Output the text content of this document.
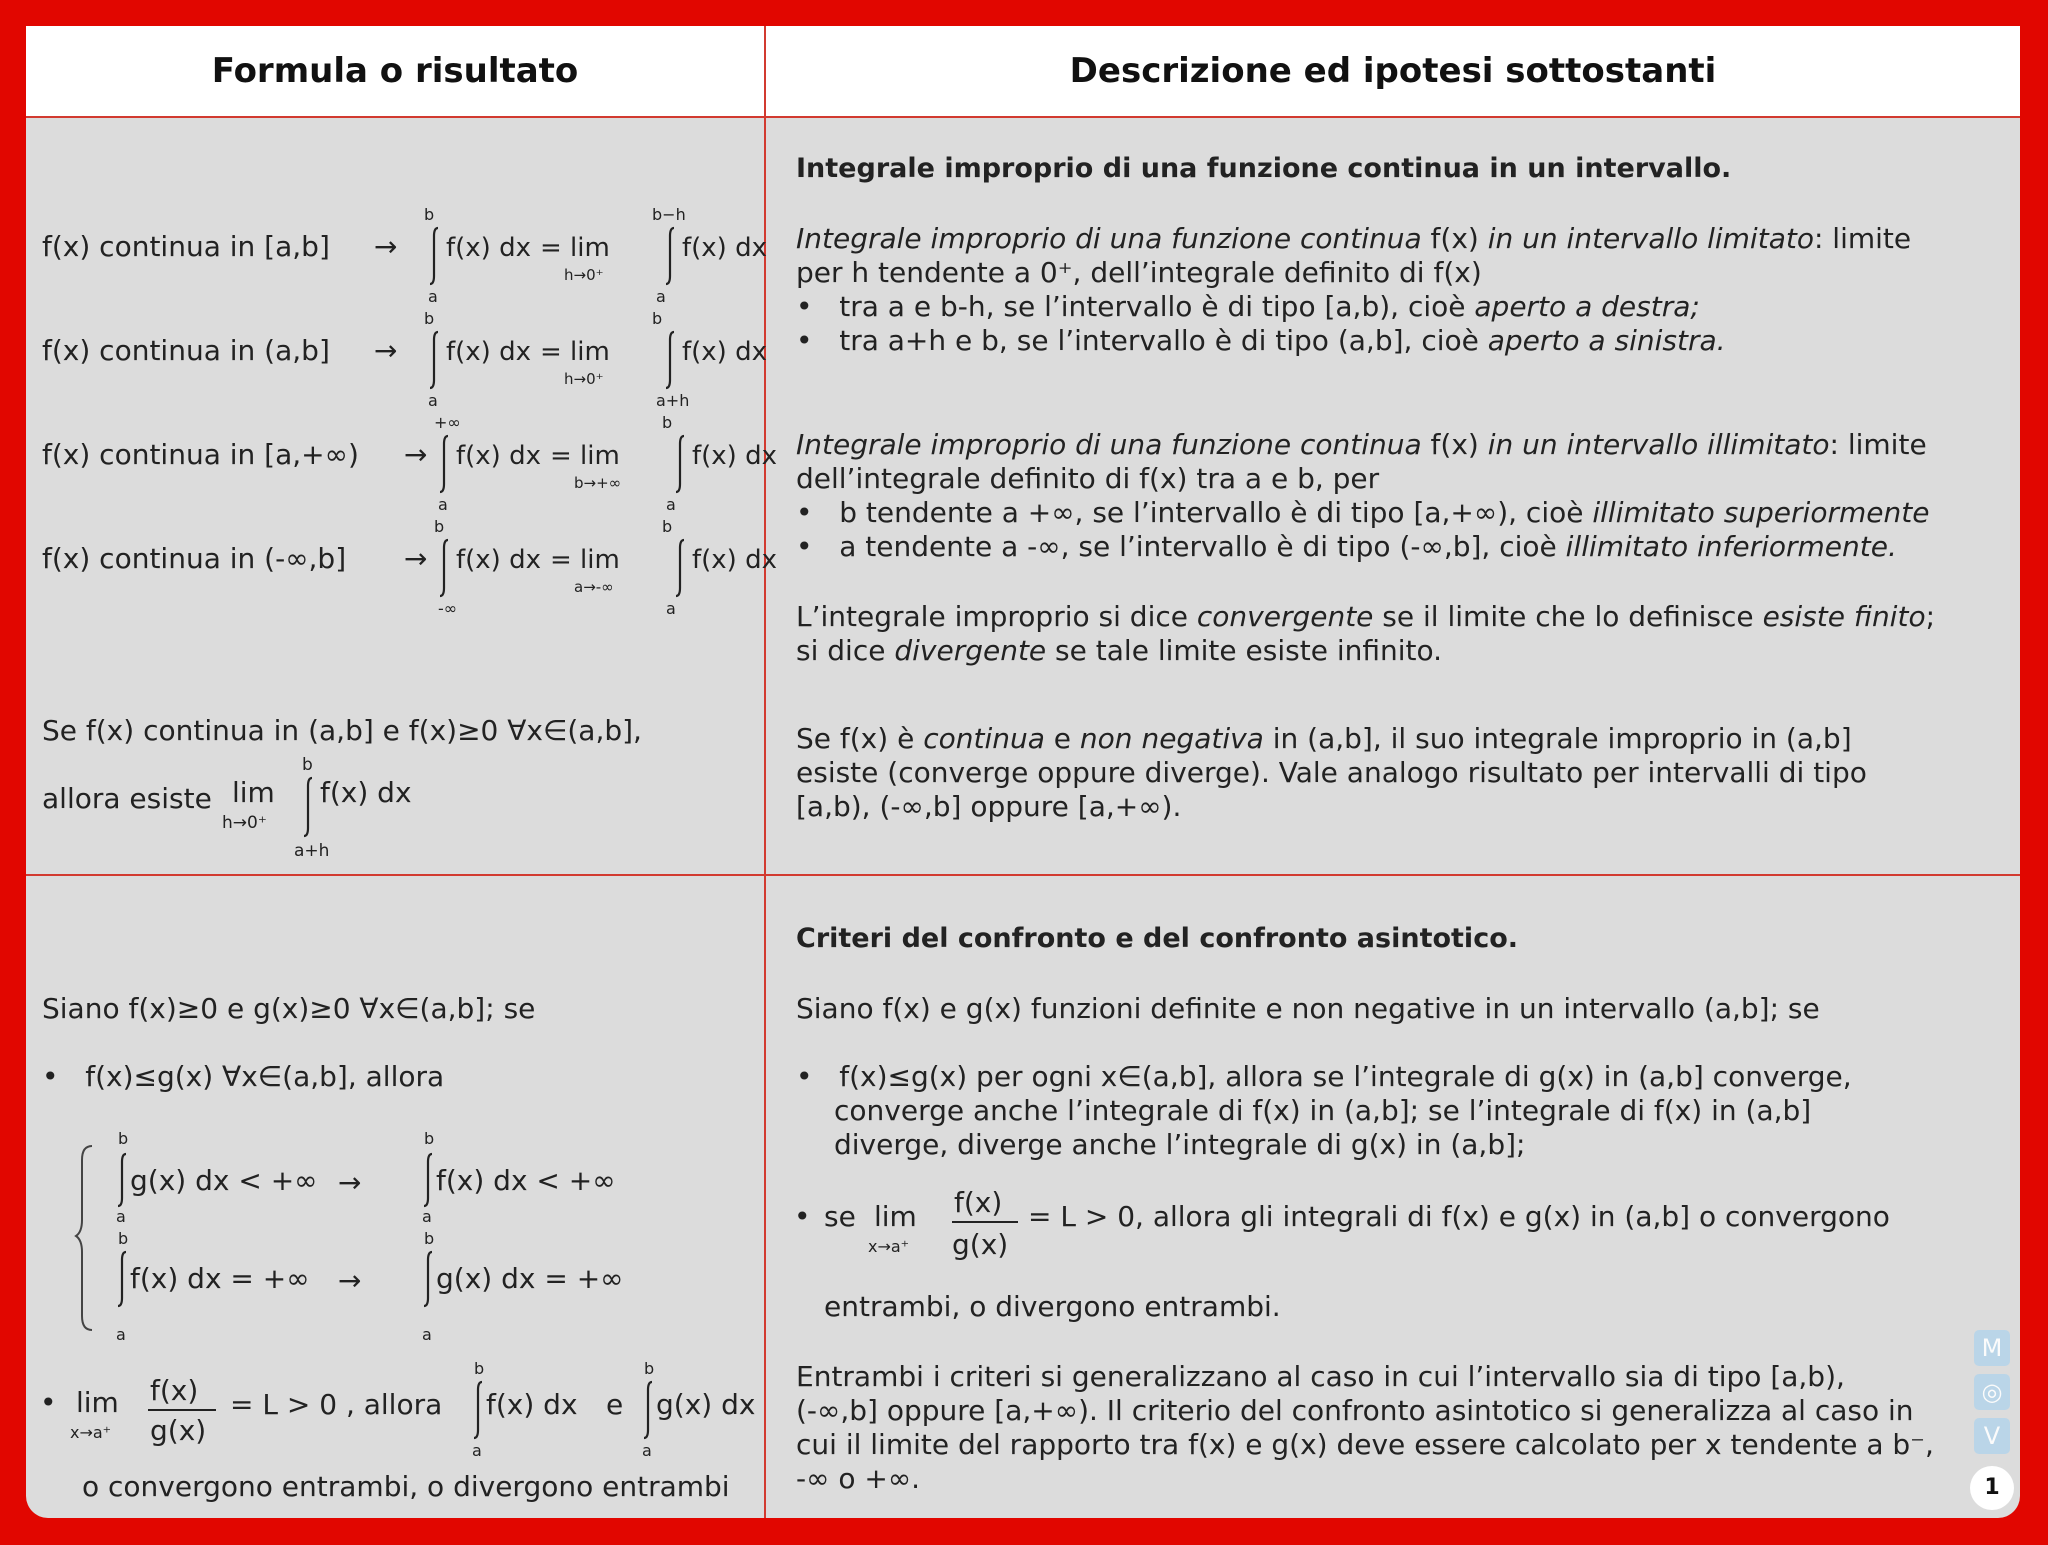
Formula o risultato	Descrizione ed ipotesi sottostanti
f(x) continua in [a,b] →
b
a
f(x) dx = lim
h→0⁺
b−h
a
f(x) dx
f(x) continua in (a,b] →
b
a
f(x) dx = lim
h→0⁺
b
a+h
f(x) dx
f(x) continua in [a,+∞) →
+∞
a
f(x) dx = lim
b→+∞
b
a
f(x) dx
f(x) continua in (-∞,b] →
b
-∞
f(x) dx = lim
a→-∞
b
a
f(x) dx
Se f(x) continua in (a,b] e f(x)≥0 ∀x∈(a,b],
allora esiste lim
h→0⁺
b
a+h
f(x) dx
Integrale improprio di una funzione continua in un intervallo.
Integrale improprio di una funzione continua f(x) in un intervallo limitato: limite
per h tendente a 0⁺, dell’integrale definito di f(x)
• tra a e b-h, se l’intervallo è di tipo [a,b), cioè aperto a destra;
• tra a+h e b, se l’intervallo è di tipo (a,b], cioè aperto a sinistra.
Integrale improprio di una funzione continua f(x) in un intervallo illimitato: limite
dell’integrale definito di f(x) tra a e b, per
• b tendente a +∞, se l’intervallo è di tipo [a,+∞), cioè illimitato superiormente
• a tendente a -∞, se l’intervallo è di tipo (-∞,b], cioè illimitato inferiormente.
L’integrale improprio si dice convergente se il limite che lo definisce esiste finito;
si dice divergente se tale limite esiste infinito.
Se f(x) è continua e non negativa in (a,b], il suo integrale improprio in (a,b]
esiste (converge oppure diverge). Vale analogo risultato per intervalli di tipo
[a,b), (-∞,b] oppure [a,+∞).
Siano f(x)≥0 e g(x)≥0 ∀x∈(a,b]; se
• f(x)≤g(x) ∀x∈(a,b], allora
b
a
g(x) dx < +∞ →
b
a
f(x) dx < +∞
b
a
f(x) dx = +∞ →
b
a
g(x) dx = +∞
• lim
x→a⁺
f(x)
g(x)
= L > 0 , allora
b
a
f(x) dx e
b
a
g(x) dx
o convergono entrambi, o divergono entrambi
Criteri del confronto e del confronto asintotico.
Siano f(x) e g(x) funzioni definite e non negative in un intervallo (a,b]; se
• f(x)≤g(x) per ogni x∈(a,b], allora se l’integrale di g(x) in (a,b] converge,
converge anche l’integrale di f(x) in (a,b]; se l’integrale di f(x) in (a,b]
diverge, diverge anche l’integrale di g(x) in (a,b];
• se lim
x→a⁺
f(x)
g(x)
= L > 0, allora gli integrali di f(x) e g(x) in (a,b] o convergono
entrambi, o divergono entrambi.
Entrambi i criteri si generalizzano al caso in cui l’intervallo sia di tipo [a,b),
(-∞,b] oppure [a,+∞). Il criterio del confronto asintotico si generalizza al caso in
cui il limite del rapporto tra f(x) e g(x) deve essere calcolato per x tendente a b⁻,
-∞ o +∞.
M
◎
V
1
